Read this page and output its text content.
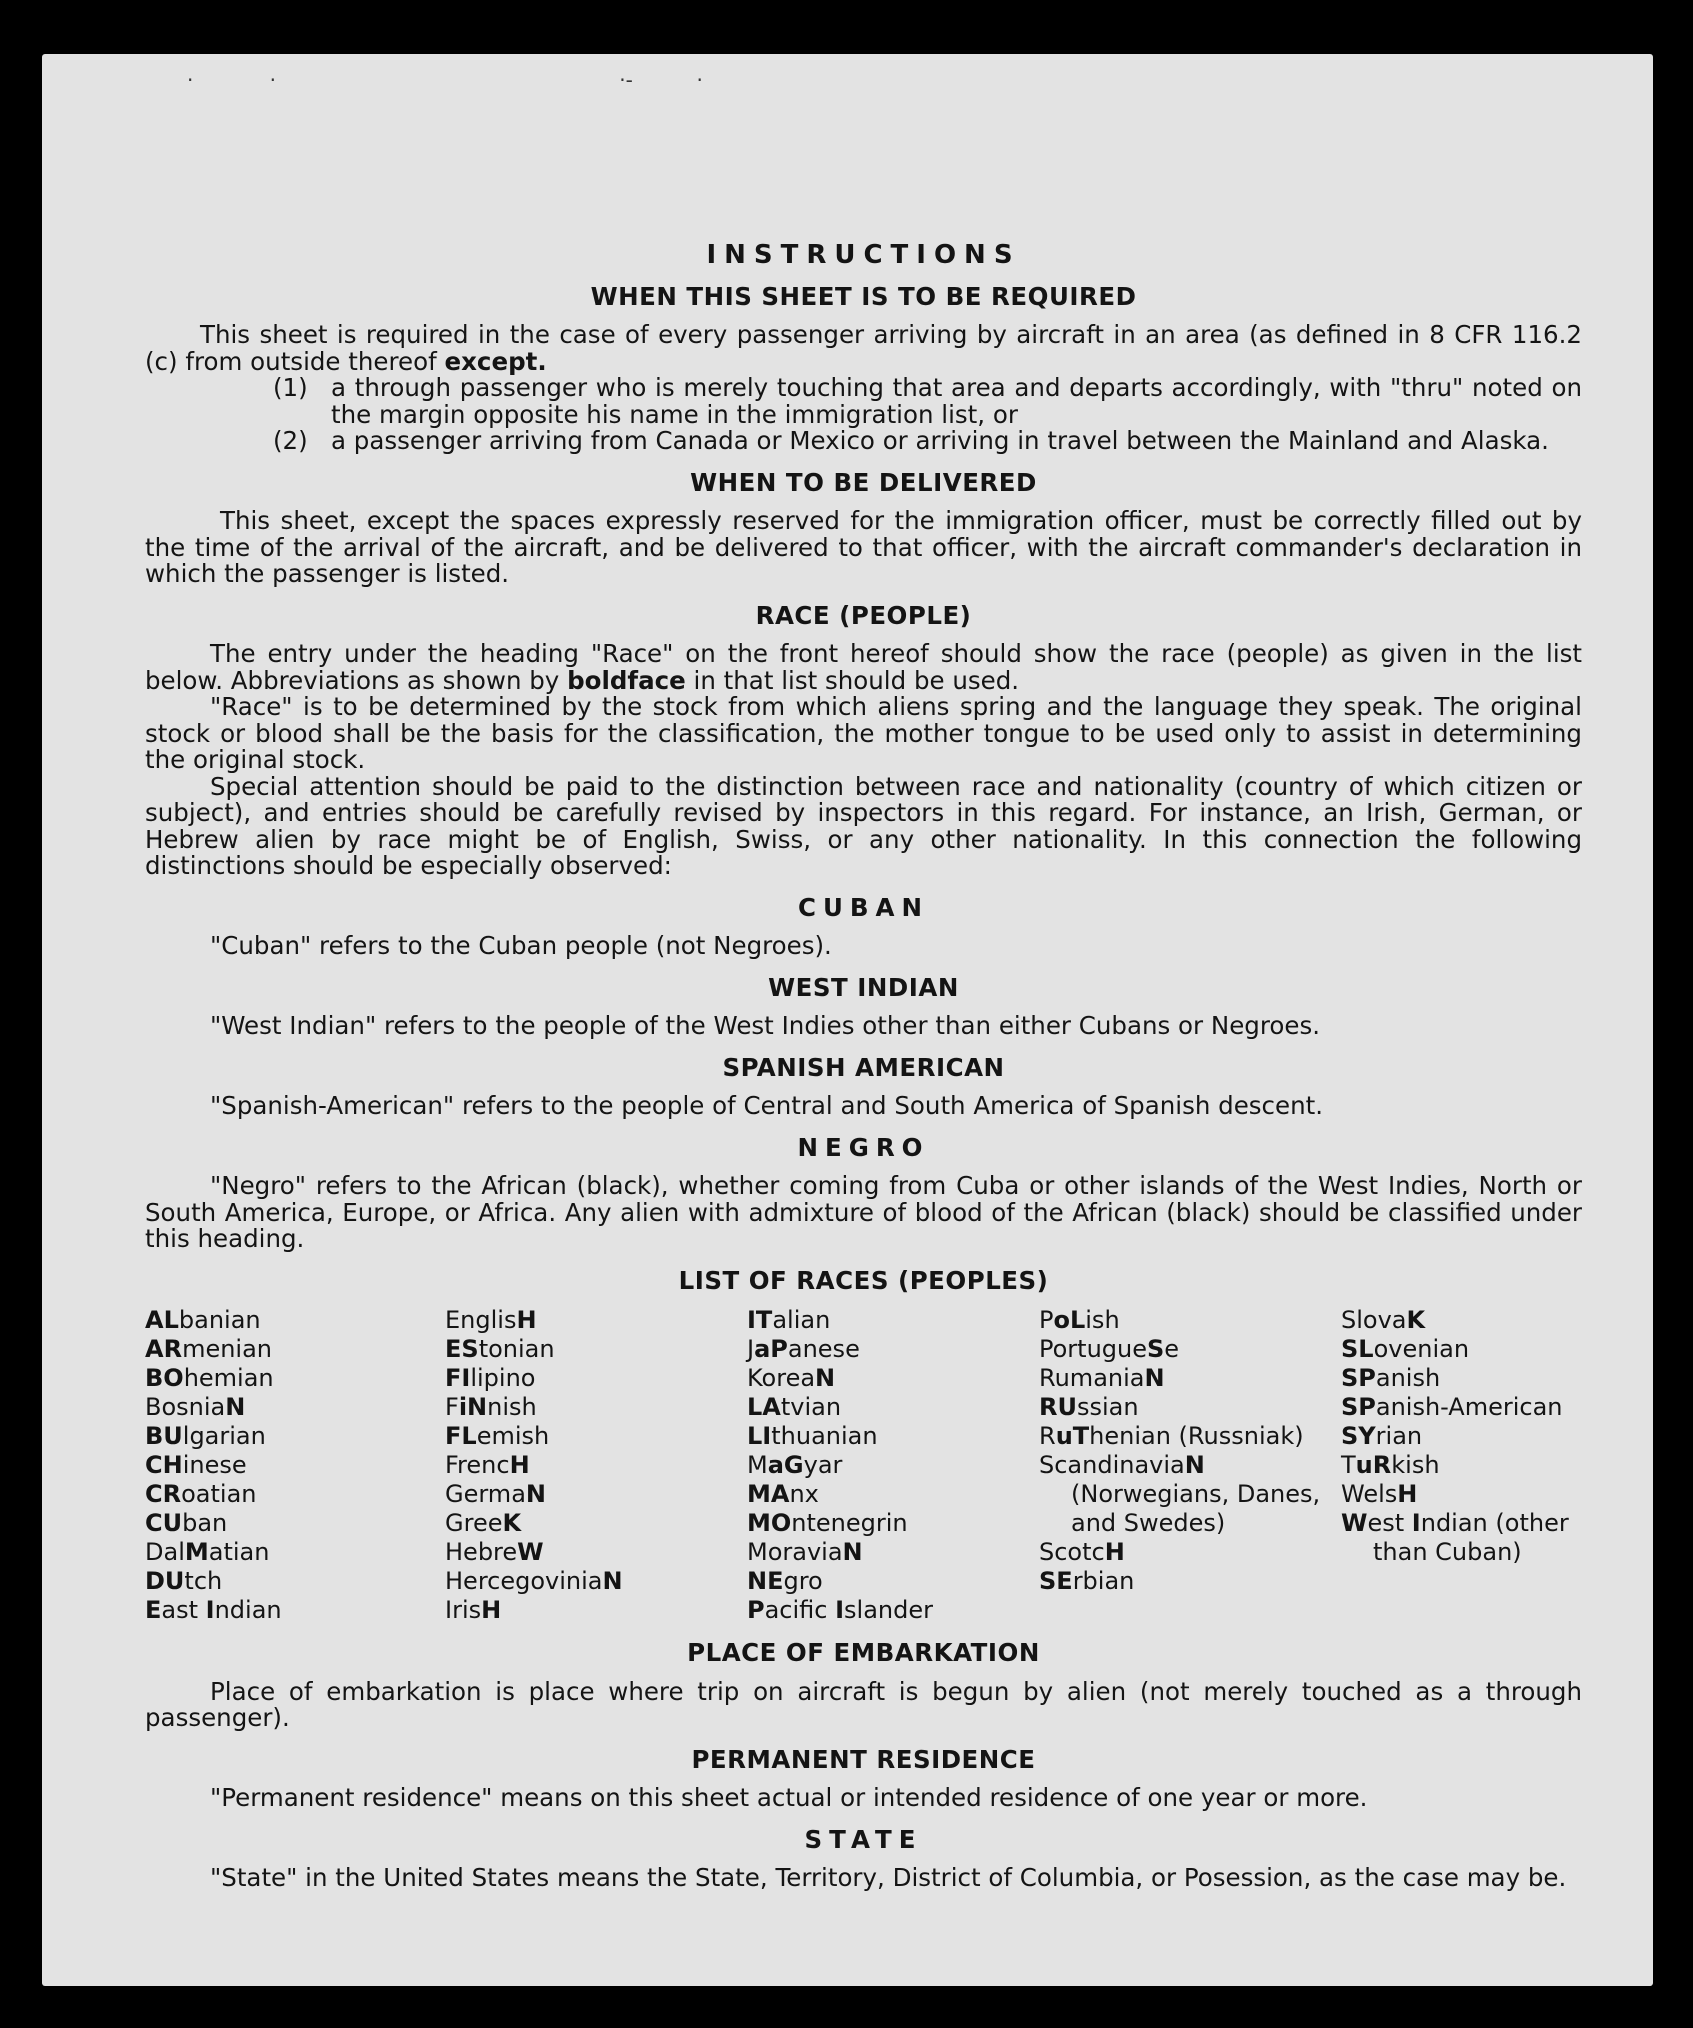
·            ·                                                      ·-          ·
INSTRUCTIONS
WHEN THIS SHEET IS TO BE REQUIRED

This sheet is required in the case of every passenger arriving by aircraft in an area (as defined in 8 CFR 116.2 (c) from outside thereof except.

(1) a through passenger who is merely touching that area and departs accordingly, with "thru" noted on the margin opposite his name in the immigration list, or
(2) a passenger arriving from Canada or Mexico or arriving in travel between the Mainland and Alaska.
WHEN TO BE DELIVERED

This sheet, except the spaces expressly reserved for the immigration officer, must be correctly filled out by the time of the arrival of the aircraft, and be delivered to that officer, with the aircraft commander's declaration in which the passenger is listed.

RACE (PEOPLE)

The entry under the heading "Race" on the front hereof should show the race (people) as given in the list below. Abbreviations as shown by boldface in that list should be used.

"Race" is to be determined by the stock from which aliens spring and the language they speak. The original stock or blood shall be the basis for the classification, the mother tongue to be used only to assist in determining the original stock.

Special attention should be paid to the distinction between race and nationality (country of which citizen or subject), and entries should be carefully revised by inspectors in this regard. For instance, an Irish, German, or Hebrew alien by race might be of English, Swiss, or any other nationality. In this connection the following distinctions should be especially observed:

CUBAN

"Cuban" refers to the Cuban people (not Negroes).

WEST INDIAN

"West Indian" refers to the people of the West Indies other than either Cubans or Negroes.

SPANISH AMERICAN

"Spanish-American" refers to the people of Central and South America of Spanish descent.

NEGRO

"Negro" refers to the African (black), whether coming from Cuba or other islands of the West Indies, North or South America, Europe, or Africa. Any alien with admixture of blood of the African (black) should be classified under this heading.

LIST OF RACES (PEOPLES)
ALbanian
ARmenian
BOhemian
BosniaN
BUlgarian
CHinese
CRoatian
CUban
DalMatian
DUtch
East Indian
EnglisH
EStonian
FIlipino
FiNnish
FLemish
FrencH
GermaN
GreeK
HebreW
HercegoviniaN
IrisH
ITalian
JaPanese
KoreaN
LAtvian
LIthuanian
MaGyar
MAnx
MOntenegrin
MoraviaN
NEgro
Pacific Islander
PoLish
PortugueSe
RumaniaN
RUssian
RuThenian (Russniak)
ScandinaviaN
(Norwegians, Danes, and Swedes)
ScotcH
SErbian
SlovaK
SLovenian
SPanish
SPanish-American
SYrian
TuRkish
WelsH
West Indian (other
than Cuban)
PLACE OF EMBARKATION

Place of embarkation is place where trip on aircraft is begun by alien (not merely touched as a through passenger).

PERMANENT RESIDENCE

"Permanent residence" means on this sheet actual or intended residence of one year or more.

STATE

"State" in the United States means the State, Territory, District of Columbia, or Posession, as the case may be.
